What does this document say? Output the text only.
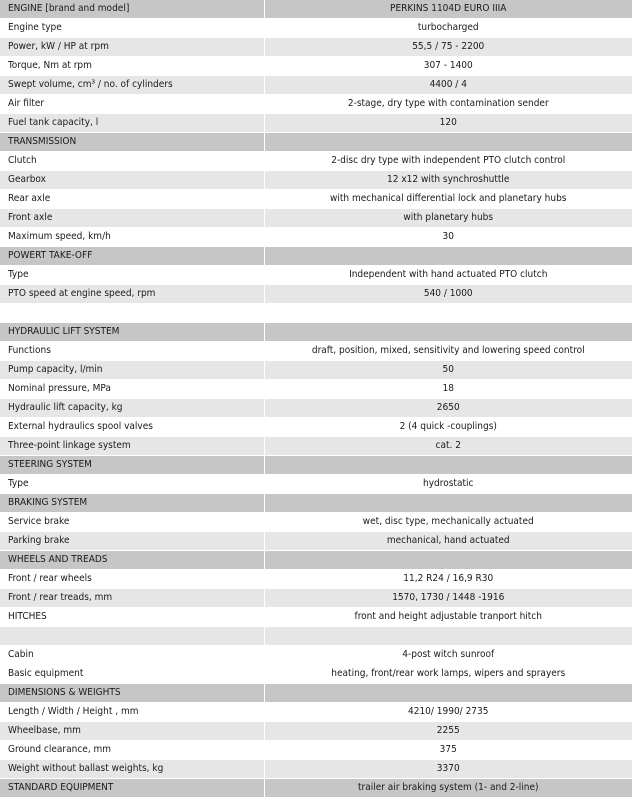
ENGINE [brand and model]	PERKINS 1104D EURO IIIA

Engine type	turbocharged

Power, kW / HP at rpm	55,5 / 75 - 2200

Torque, Nm at rpm	307 - 1400

Swept volume, cm³ / no. of cylinders	4400 / 4

Air filter	2-stage, dry type with contamination sender

Fuel tank capacity, l	120

TRANSMISSION	

Clutch	2-disc dry type with independent PTO clutch control

Gearbox	12 x12 with synchroshuttle

Rear axle	with mechanical differential lock and planetary hubs

Front axle	with planetary hubs

Maximum speed, km/h	30

POWERT TAKE-OFF	

Type	Independent with hand actuated PTO clutch

PTO speed at engine speed, rpm	540 / 1000

HYDRAULIC LIFT SYSTEM	

Functions	draft, position, mixed, sensitivity and lowering speed control

Pump capacity, l/min	50

Nominal pressure, MPa	18

Hydraulic lift capacity, kg	2650

External hydraulics spool valves	2 (4 quick -couplings)

Three-point linkage system	cat. 2

STEERING SYSTEM	

Type	hydrostatic

BRAKING SYSTEM	

Service brake	wet, disc type, mechanically actuated

Parking brake	mechanical, hand actuated

WHEELS AND TREADS	

Front / rear wheels	11,2 R24 / 16,9 R30

Front / rear treads, mm	1570, 1730 / 1448 -1916

HITCHES	front and height adjustable tranport hitch

Cabin	4-post witch sunroof

Basic equipment	heating, front/rear work lamps, wipers and sprayers

DIMENSIONS & WEIGHTS	

Length / Width / Height , mm	4210/ 1990/ 2735

Wheelbase, mm	2255

Ground clearance, mm	375

Weight without ballast weights, kg	3370

STANDARD EQUIPMENT	trailer air braking system (1- and 2-line)
